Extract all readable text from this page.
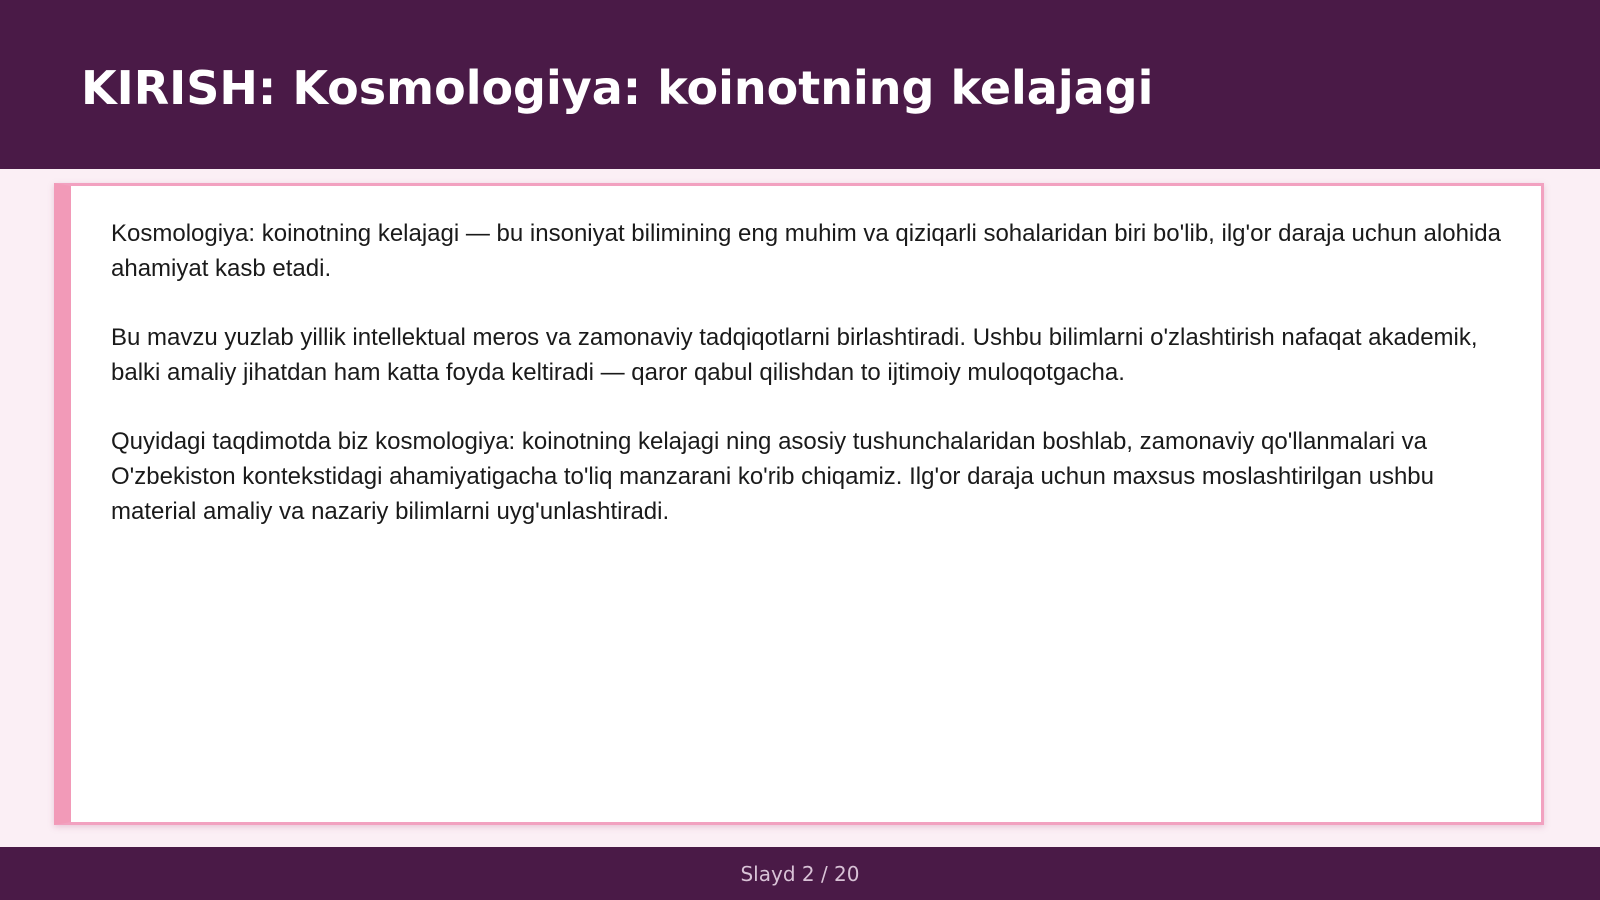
KIRISH: Kosmologiya: koinotning kelajagi

Kosmologiya: koinotning kelajagi — bu insoniyat bilimining eng muhim va qiziqarli sohalaridan biri bo'lib, ilg'or daraja uchun alohida ahamiyat kasb etadi.

Bu mavzu yuzlab yillik intellektual meros va zamonaviy tadqiqotlarni birlashtiradi. Ushbu bilimlarni o'zlashtirish nafaqat akademik, balki amaliy jihatdan ham katta foyda keltiradi — qaror qabul qilishdan to ijtimoiy muloqotgacha.

Quyidagi taqdimotda biz kosmologiya: koinotning kelajagi ning asosiy tushunchalaridan boshlab, zamonaviy qo'llanmalari va O'zbekiston kontekstidagi ahamiyatigacha to'liq manzarani ko'rib chiqamiz. Ilg'or daraja uchun maxsus moslashtirilgan ushbu material amaliy va nazariy bilimlarni uyg'unlashtiradi.

Slayd 2 / 20
